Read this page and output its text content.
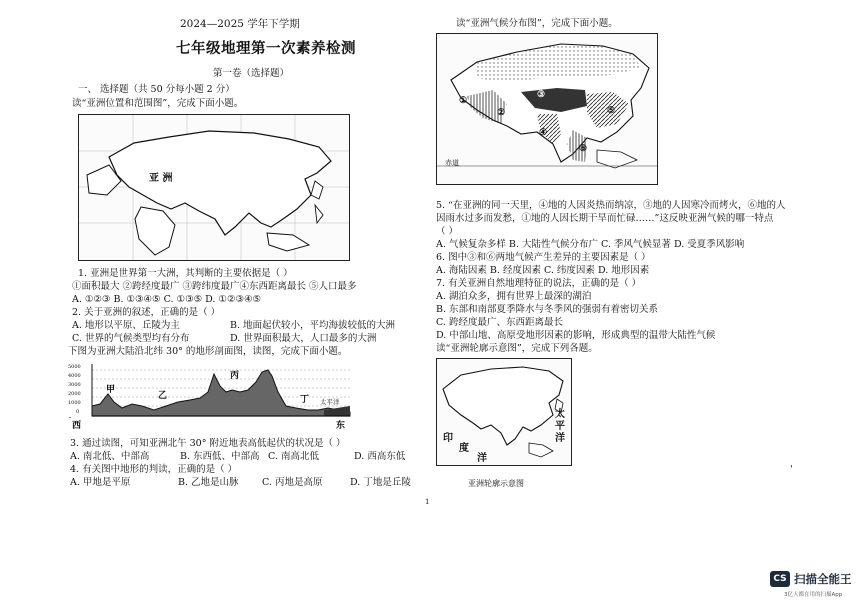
2024—2025 学年下学期
七年级地理第一次素养检测
第一卷（选择题）
一、 选择题（共 50 分每小题 2 分）
读“亚洲位置和范围图”，完成下面小题。
亚 洲
1. 亚洲是世界第一大洲，其判断的主要依据是（ ）
①面积最大 ②跨经度最广 ③跨纬度最广④东西距离最长 ⑤人口最多
A. ①②③ B. ①③④⑤ C. ①③⑤ D. ①②③④⑤
2. 关于亚洲的叙述，正确的是（ ）
A. 地形以平原、丘陵为主	B. 地面起伏较小，平均海拔较低的大洲
C. 世界的气候类型均有分布	D. 世界面积最大，人口最多的大洲
下图为亚洲大陆沿北纬 30° 的地形剖面图，读图，完成下面小题。
5000
4000
3000
2000
1000
0
甲
乙
丙
丁 太平洋
西	东
3. 通过读图，可知亚洲北午 30° 附近地表高低起伏的状况是（ ）
A. 南北低、中部高	B. 东西低、中部高 C. 南高北低	D. 西高东低
4. 有关图中地形的判读，正确的是（ ）
A. 甲地是平原	B. 乙地是山脉 C. 丙地是高原	D. 丁地是丘陵
读“亚洲气候分布图”，完成下面小题。
①
②
③
④
⑤
⑥
赤道
5. “在亚洲的同一天里，④地的人因炎热而纳凉，③地的人因寒冷而烤火，⑥地的人
因雨水过多而发愁，①地的人因长期干旱而忙碌……”这反映亚洲气候的哪一特点
（ ）
A. 气候复杂多样 B. 大陆性气候分布广 C. 季风气候显著 D. 受夏季风影响
6. 图中③和⑥两地气候产生差异的主要因素是（ ）
A. 海陆因素 B. 经度因素 C. 纬度因素 D. 地形因素
7. 有关亚洲自然地理特征的说法，正确的是（ ）
A. 湖泊众多，拥有世界上最深的湖泊
B. 东部和南部夏季降水与冬季风的强弱有着密切关系
C. 跨经度最广、东西距离最长
D. 中部山地、高原受地形因素的影响，形成典型的温带大陆性气候
读“亚洲轮廓示意图”，完成下列各题。
印
度
洋
太
平
洋
亚洲轮廓示意图
'
1
CS 扫描全能王
3亿人都在用的扫描App
